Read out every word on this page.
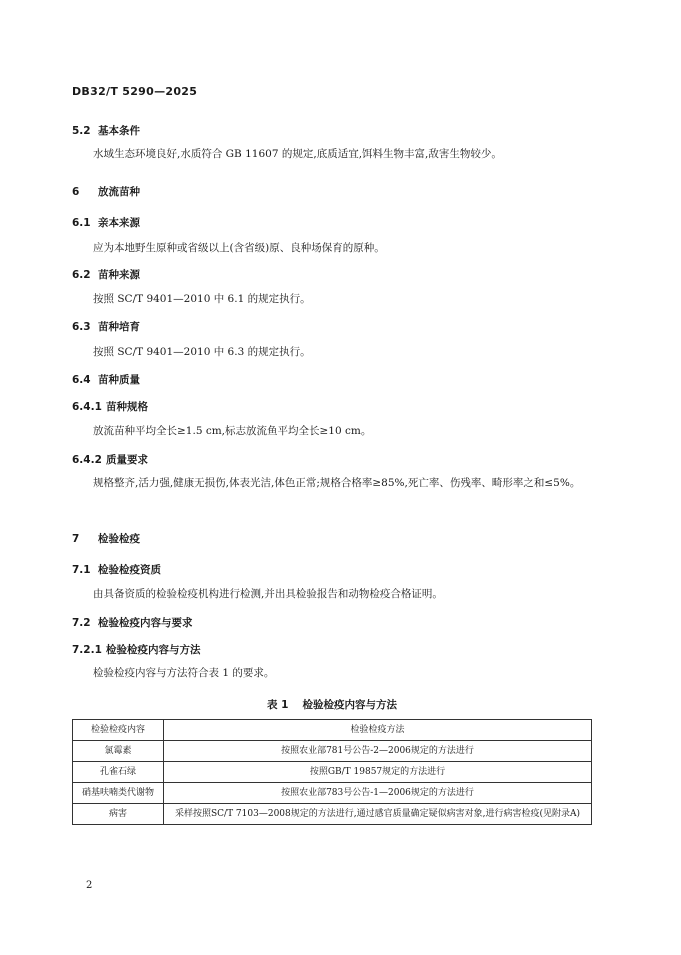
DB32/T 5290—2025
5.2 基本条件
水域生态环境良好,水质符合 GB 11607 的规定,底质适宜,饵料生物丰富,敌害生物较少。
6 放流苗种
6.1 亲本来源
应为本地野生原种或省级以上(含省级)原、良种场保育的原种。
6.2 苗种来源
按照 SC/T 9401—2010 中 6.1 的规定执行。
6.3 苗种培育
按照 SC/T 9401—2010 中 6.3 的规定执行。
6.4 苗种质量
6.4.1 苗种规格
放流苗种平均全长≥1.5 cm,标志放流鱼平均全长≥10 cm。
6.4.2 质量要求
规格整齐,活力强,健康无损伤,体表光洁,体色正常;规格合格率≥85%,死亡率、伤残率、畸形率之和≤5%。
7 检验检疫
7.1 检验检疫资质
由具备资质的检验检疫机构进行检测,并出具检验报告和动物检疫合格证明。
7.2 检验检疫内容与要求
7.2.1 检验检疫内容与方法
检验检疫内容与方法符合表 1 的要求。
表 1 检验检疫内容与方法
检验检疫内容	检验检疫方法
氯霉素	按照农业部781号公告-2—2006规定的方法进行
孔雀石绿	按照GB/T 19857规定的方法进行
硝基呋喃类代谢物	按照农业部783号公告-1—2006规定的方法进行
病害	采样按照SC/T 7103—2008规定的方法进行,通过感官质量确定疑似病害对象,进行病害检疫(见附录A)
2
